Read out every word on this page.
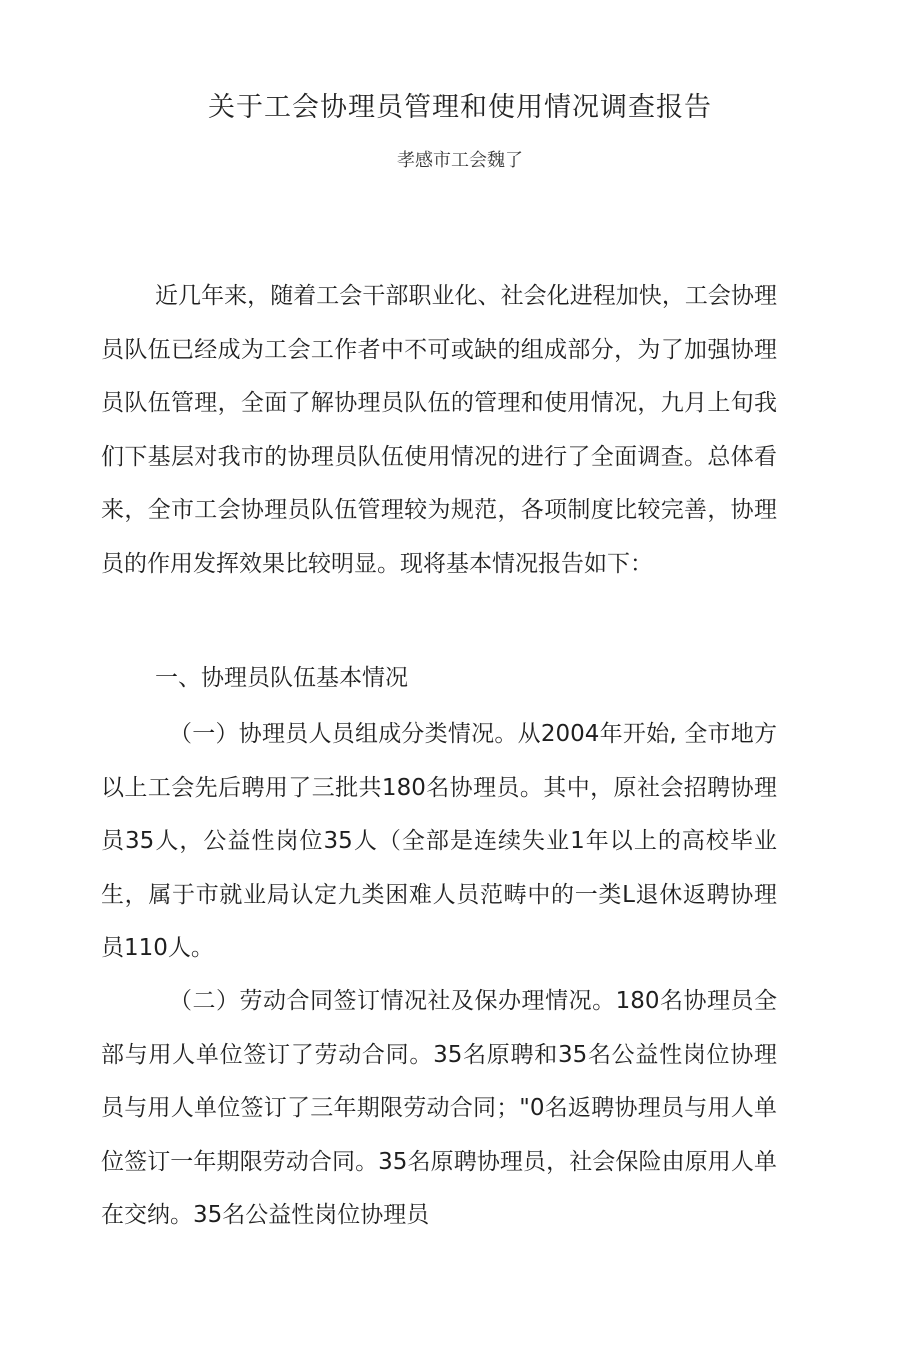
关于工会协理员管理和使用情况调查报告
孝感市工会魏了

近几年来，随着工会干部职业化、社会化进程加快，工会协理员队伍已经成为工会工作者中不可或缺的组成部分，为了加强协理员队伍管理，全面了解协理员队伍的管理和使用情况，九月上旬我们下基层对我市的协理员队伍使用情况的进行了全面调查。总体看来，全市工会协理员队伍管理较为规范，各项制度比较完善，协理员的作用发挥效果比较明显。现将基本情况报告如下：

一、协理员队伍基本情况

（一）协理员人员组成分类情况。从2004年开始, 全市地方以上工会先后聘用了三批共180名协理员。其中，原社会招聘协理员35人，公益性岗位35人（全部是连续失业1年以上的高校毕业生，属于市就业局认定九类困难人员范畴中的一类L退休返聘协理员110人。

（二）劳动合同签订情况社及保办理情况。180名协理员全部与用人单位签订了劳动合同。35名原聘和35名公益性岗位协理员与用人单位签订了三年期限劳动合同；"0名返聘协理员与用人单位签订一年期限劳动合同。35名原聘协理员，社会保险由原用人单在交纳。35名公益性岗位协理员
